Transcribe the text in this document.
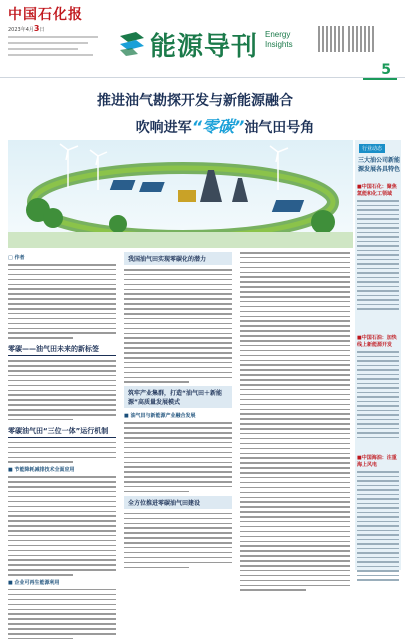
中国石化报
2023年4月3日
能源导刊 Energy
Insights
5
推进油气勘探开发与新能源融合
吹响进军“零碳”油气田号角
行业动态
三大油公司新能源发展各具特色
■中国石化：聚焦氢能和化工领域
■中国石油：加快线上新能源开发
■中国海油：注重海上风电
□ 作者
零碳——油气田未来的新标签
零碳油气田“三位一体”运行机制
■ 节能降耗减排技术全面应用
■ 企业可再生能源利用
我国油气田实现零碳化的潜力
筑牢产业集群，打造“油气田＋新能源”高质量发展模式
■ 油气田与新能源产业融合发展
全方位推进零碳油气田建设
